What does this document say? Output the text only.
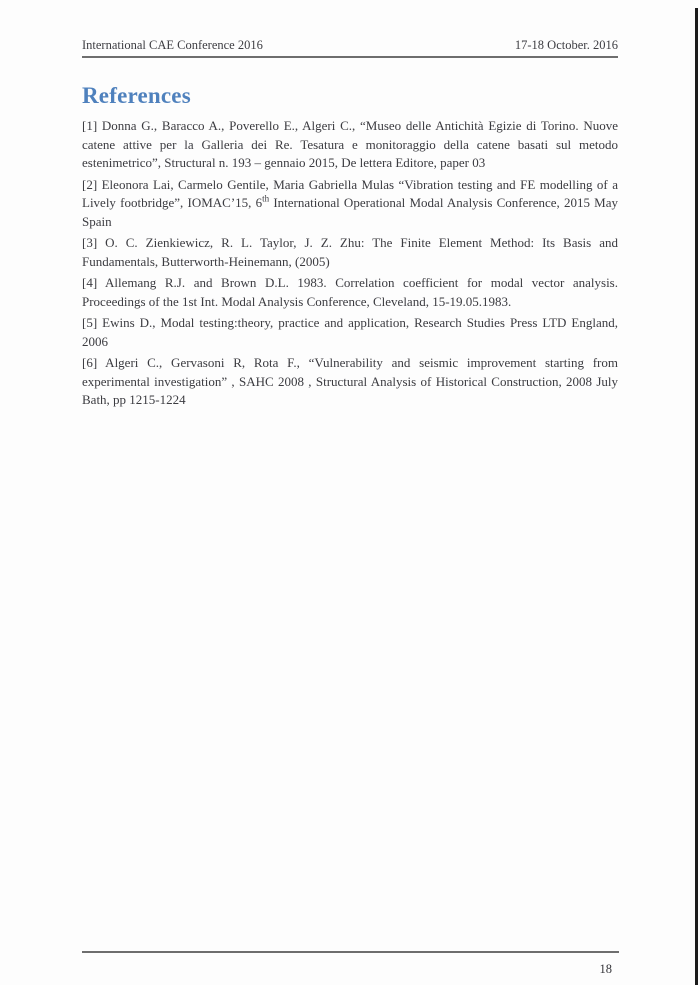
International CAE Conference 2016	17-18 October. 2016
References

[1] Donna G., Baracco A., Poverello E., Algeri C., “Museo delle Antichità Egizie di Torino. Nuove catene attive per la Galleria dei Re. Tesatura e monitoraggio della catene basati sul metodo estenimetrico”, Structural n. 193 – gennaio 2015, De lettera Editore, paper 03

[2] Eleonora Lai, Carmelo Gentile, Maria Gabriella Mulas “Vibration testing and FE modelling of a Lively footbridge”, IOMAC’15, 6th International Operational Modal Analysis Conference, 2015 May Spain

[3] O. C. Zienkiewicz, R. L. Taylor, J. Z. Zhu: The Finite Element Method: Its Basis and Fundamentals, Butterworth-Heinemann, (2005)

[4] Allemang R.J. and Brown D.L. 1983. Correlation coefficient for modal vector analysis. Proceedings of the 1st Int. Modal Analysis Conference, Cleveland, 15-19.05.1983.

[5] Ewins D., Modal testing:theory, practice and application, Research Studies Press LTD England, 2006

[6] Algeri C., Gervasoni R, Rota F., “Vulnerability and seismic improvement starting from experimental investigation” , SAHC 2008 , Structural Analysis of Historical Construction, 2008 July Bath, pp 1215-1224

18
